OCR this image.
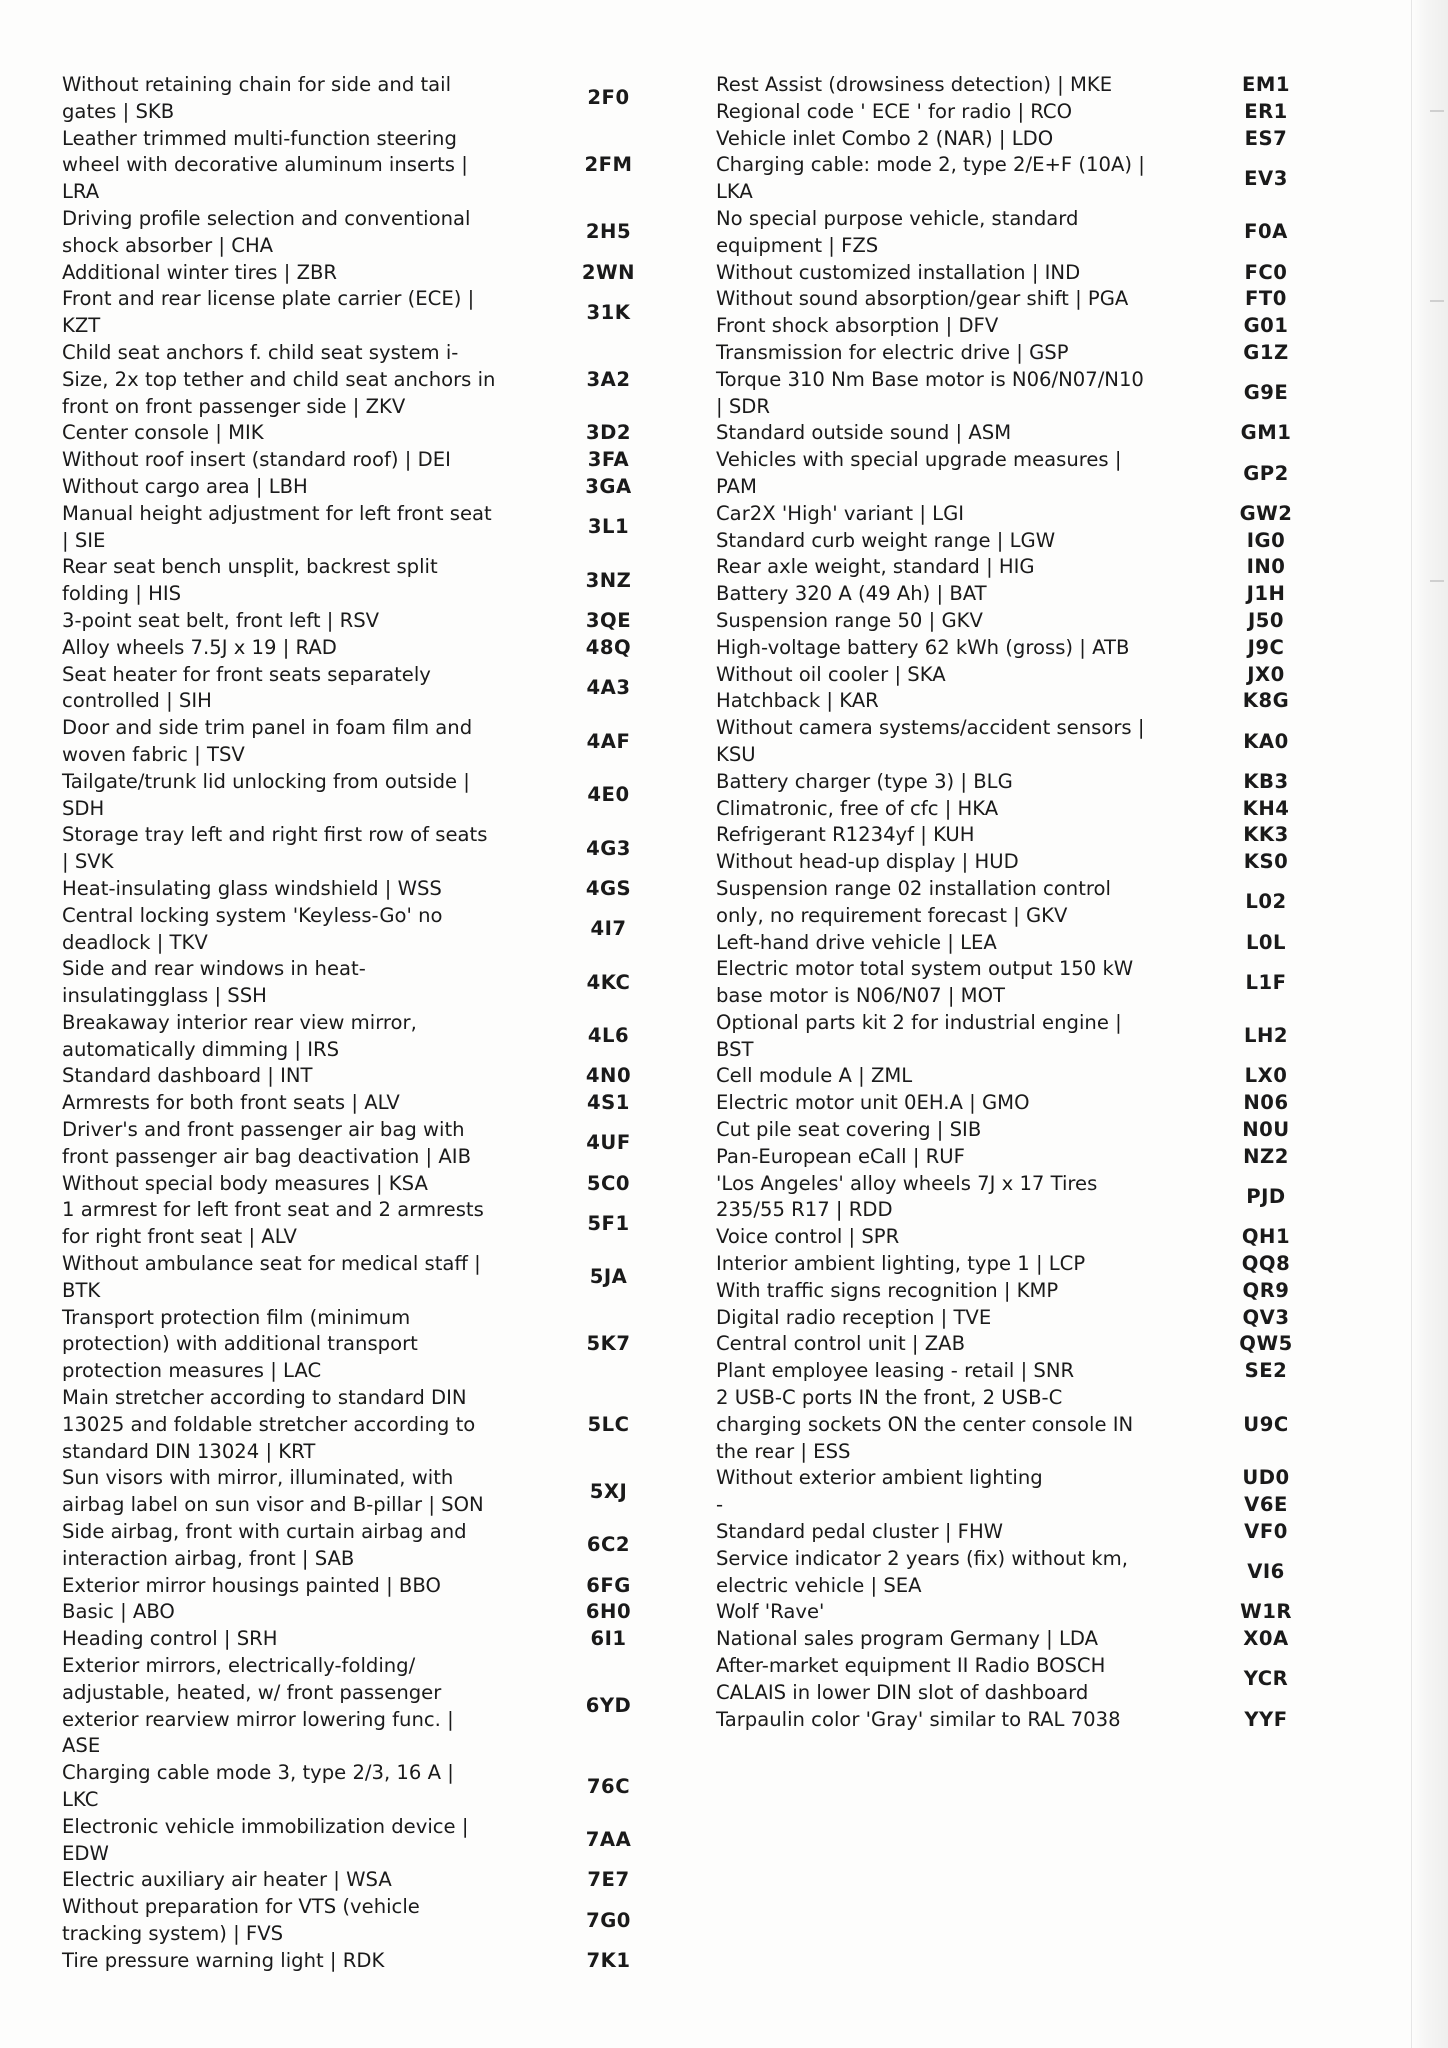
Without retaining chain for side and tail
gates | SKB
2F0
Leather trimmed multi-function steering
wheel with decorative aluminum inserts |
LRA
2FM
Driving profile selection and conventional
shock absorber | CHA
2H5
Additional winter tires | ZBR	2WN
Front and rear license plate carrier (ECE) |
KZT
31K
Child seat anchors f. child seat system i-
Size, 2x top tether and child seat anchors in
front on front passenger side | ZKV
3A2
Center console | MIK	3D2
Without roof insert (standard roof) | DEI	3FA
Without cargo area | LBH	3GA
Manual height adjustment for left front seat
| SIE
3L1
Rear seat bench unsplit, backrest split
folding | HIS
3NZ
3-point seat belt, front left | RSV	3QE
Alloy wheels 7.5J x 19 | RAD	48Q
Seat heater for front seats separately
controlled | SIH
4A3
Door and side trim panel in foam film and
woven fabric | TSV
4AF
Tailgate/trunk lid unlocking from outside |
SDH
4E0
Storage tray left and right first row of seats
| SVK
4G3
Heat-insulating glass windshield | WSS	4GS
Central locking system 'Keyless-Go' no
deadlock | TKV
4I7
Side and rear windows in heat-
insulatingglass | SSH
4KC
Breakaway interior rear view mirror,
automatically dimming | IRS
4L6
Standard dashboard | INT	4N0
Armrests for both front seats | ALV	4S1
Driver's and front passenger air bag with
front passenger air bag deactivation | AIB
4UF
Without special body measures | KSA	5C0
1 armrest for left front seat and 2 armrests
for right front seat | ALV
5F1
Without ambulance seat for medical staff |
BTK
5JA
Transport protection film (minimum
protection) with additional transport
protection measures | LAC
5K7
Main stretcher according to standard DIN
13025 and foldable stretcher according to
standard DIN 13024 | KRT
5LC
Sun visors with mirror, illuminated, with
airbag label on sun visor and B-pillar | SON
5XJ
Side airbag, front with curtain airbag and
interaction airbag, front | SAB
6C2
Exterior mirror housings painted | BBO	6FG
Basic | ABO	6H0
Heading control | SRH	6I1
Exterior mirrors, electrically-folding/
adjustable, heated, w/ front passenger
exterior rearview mirror lowering func. |
ASE
6YD
Charging cable mode 3, type 2/3, 16 A |
LKC
76C
Electronic vehicle immobilization device |
EDW
7AA
Electric auxiliary air heater | WSA	7E7
Without preparation for VTS (vehicle
tracking system) | FVS
7G0
Tire pressure warning light | RDK	7K1
Rest Assist (drowsiness detection) | MKE	EM1
Regional code ' ECE ' for radio | RCO	ER1
Vehicle inlet Combo 2 (NAR) | LDO	ES7
Charging cable: mode 2, type 2/E+F (10A) |
LKA
EV3
No special purpose vehicle, standard
equipment | FZS
F0A
Without customized installation | IND	FC0
Without sound absorption/gear shift | PGA	FT0
Front shock absorption | DFV	G01
Transmission for electric drive | GSP	G1Z
Torque 310 Nm Base motor is N06/N07/N10
| SDR
G9E
Standard outside sound | ASM	GM1
Vehicles with special upgrade measures |
PAM
GP2
Car2X 'High' variant | LGI	GW2
Standard curb weight range | LGW	IG0
Rear axle weight, standard | HIG	IN0
Battery 320 A (49 Ah) | BAT	J1H
Suspension range 50 | GKV	J50
High-voltage battery 62 kWh (gross) | ATB	J9C
Without oil cooler | SKA	JX0
Hatchback | KAR	K8G
Without camera systems/accident sensors |
KSU
KA0
Battery charger (type 3) | BLG	KB3
Climatronic, free of cfc | HKA	KH4
Refrigerant R1234yf | KUH	KK3
Without head-up display | HUD	KS0
Suspension range 02 installation control
only, no requirement forecast | GKV
L02
Left-hand drive vehicle | LEA	L0L
Electric motor total system output 150 kW
base motor is N06/N07 | MOT
L1F
Optional parts kit 2 for industrial engine |
BST
LH2
Cell module A | ZML	LX0
Electric motor unit 0EH.A | GMO	N06
Cut pile seat covering | SIB	N0U
Pan-European eCall | RUF	NZ2
'Los Angeles' alloy wheels 7J x 17 Tires
235/55 R17 | RDD
PJD
Voice control | SPR	QH1
Interior ambient lighting, type 1 | LCP	QQ8
With traffic signs recognition | KMP	QR9
Digital radio reception | TVE	QV3
Central control unit | ZAB	QW5
Plant employee leasing - retail | SNR	SE2
2 USB-C ports IN the front, 2 USB-C
charging sockets ON the center console IN
the rear | ESS
U9C
Without exterior ambient lighting	UD0
-	V6E
Standard pedal cluster | FHW	VF0
Service indicator 2 years (fix) without km,
electric vehicle | SEA
VI6
Wolf 'Rave'	W1R
National sales program Germany | LDA	X0A
After-market equipment II Radio BOSCH
CALAIS in lower DIN slot of dashboard
YCR
Tarpaulin color 'Gray' similar to RAL 7038	YYF
